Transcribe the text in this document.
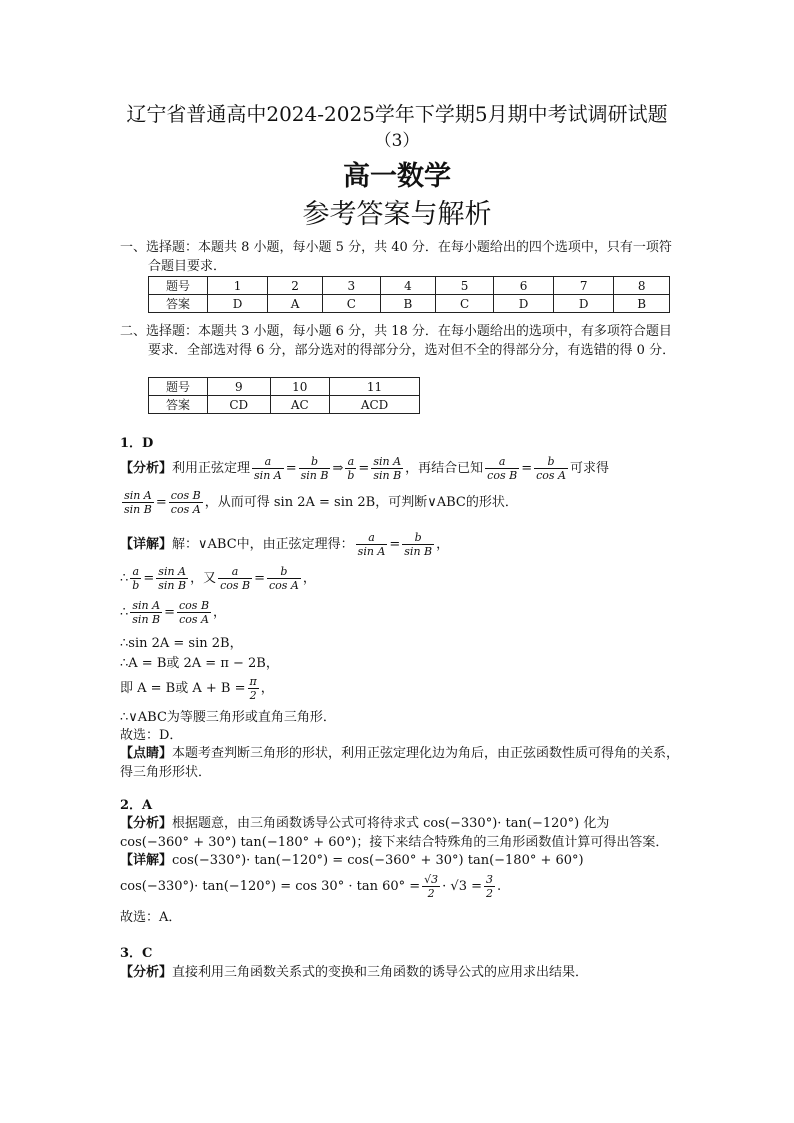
辽宁省普通高中2024-2025学年下学期5月期中考试调研试题
（3）
高一数学
参考答案与解析
一、选择题：本题共 8 小题，每小题 5 分，共 40 分．在每小题给出的四个选项中，只有一项符合题目要求．
题号	1	2	3	4	5	6	7	8
答案	D	A	C	B	C	D	D	B
二、选择题：本题共 3 小题，每小题 6 分，共 18 分．在每小题给出的选项中，有多项符合题目要求．全部选对得 6 分，部分选对的得部分分，选对但不全的得部分分，有选错的得 0 分．
题号	9	10	11
答案	CD	AC	ACD
1．D
【分析】利用正弦定理 $\frac{a}{\text{sin A}} = \frac{b}{\text{sin B}}$ ⇒ $\frac{a}{b} = \frac{\text{sin A}}{\text{sin B}}$ ，再结合已知 $\frac{a}{\text{cos B}} = \frac{b}{\text{cos A}}$ 可求得
$\frac{\text{sin A}}{\text{sin B}} = \frac{\text{cos B}}{\text{cos A}}$ ，从而可得 sin 2A = sin 2B，可判断∨ABC的形状．
【详解】解：∨ABC中，由正弦定理得： $\frac{a}{\text{sin A}} = \frac{b}{\text{sin B}}$ ，
∴ $\frac{a}{b} = \frac{\text{sin A}}{\text{sin B}}$ ，又 $\frac{a}{\text{cos B}} = \frac{b}{\text{cos A}}$ ，
∴ $\frac{\text{sin A}}{\text{sin B}} = \frac{\text{cos B}}{\text{cos A}}$ ，
∴sin 2A = sin 2B，
∴A = B或 2A = π − 2B，
即 A = B或 $A + B = \frac{\pi}{2}$ ，
∴∨ABC为等腰三角形或直角三角形．
故选：D．
【点睛】本题考查判断三角形的形状，利用正弦定理化边为角后，由正弦函数性质可得角的关系，得三角形形状．
2．A
【分析】根据题意，由三角函数诱导公式可将待求式 cos(−330°)· tan(−120°) 化为
cos(−360° + 30°) tan(−180° + 60°)；接下来结合特殊角的三角形函数值计算可得出答案．
【详解】cos(−330°)· tan(−120°) = cos(−360° + 30°) tan(−180° + 60°)
$\cos(-330^\circ)\cdot \tan(-120^\circ) = \cos 30^\circ \cdot \tan 60^\circ = \frac{√3}{2} \cdot √3 = \frac{3}{2}$ .
故选：A．
3．C
【分析】直接利用三角函数关系式的变换和三角函数的诱导公式的应用求出结果．
